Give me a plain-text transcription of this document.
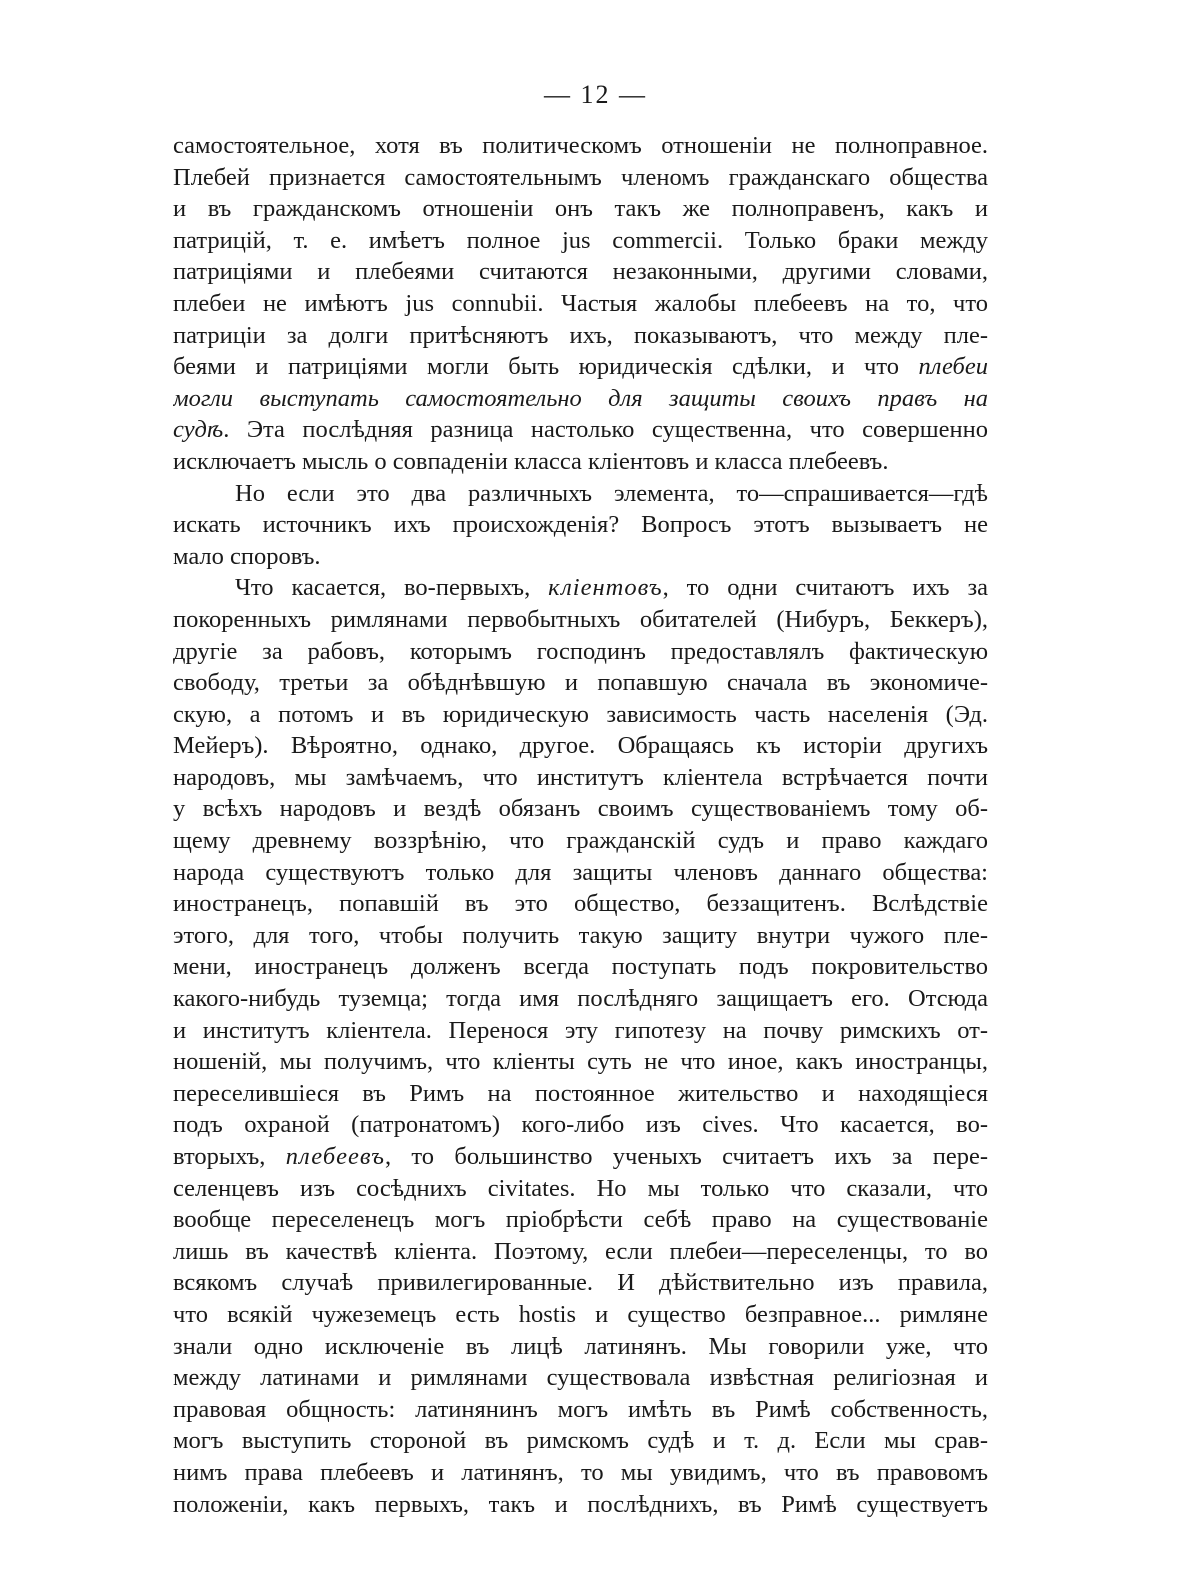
— 12 —
самостоятельное, хотя въ политическомъ отношенiи не полноправное.
Плебей признается самостоятельнымъ членомъ гражданскаго общества
и въ гражданскомъ отношенiи онъ такъ же полноправенъ, какъ и
патрицiй, т. е. имѣетъ полное jus commercii. Только браки между
патрицiями и плебеями считаются незаконными, другими словами,
плебеи не имѣютъ jus connubii. Частыя жалобы плебеевъ на то, что
патрицiи за долги притѣсняютъ ихъ, показываютъ, что между пле-
беями и патрицiями могли быть юридическiя сдѣлки, и что плебеи
могли выступать самостоятельно для защиты своихъ правъ на
судѣ. Эта послѣдняя разница настолько существенна, что совершенно
исключаетъ мысль о совпаденiи класса клiентовъ и класса плебеевъ.
Но если это два различныхъ элемента, то—спрашивается—гдѣ
искать источникъ ихъ происхожденiя? Вопросъ этотъ вызываетъ не
мало споровъ.
Что касается, во-первыхъ, клiентовъ, то одни считаютъ ихъ за
покоренныхъ римлянами первобытныхъ обитателей (Нибуръ, Беккеръ),
другiе за рабовъ, которымъ господинъ предоставлялъ фактическую
свободу, третьи за обѣднѣвшую и попавшую сначала въ экономиче-
скую, а потомъ и въ юридическую зависимость часть населенiя (Эд.
Мейеръ). Вѣроятно, однако, другое. Обращаясь къ исторiи другихъ
народовъ, мы замѣчаемъ, что институтъ клiентела встрѣчается почти
у всѣхъ народовъ и вездѣ обязанъ своимъ существованiемъ тому об-
щему древнему воззрѣнiю, что гражданскiй судъ и право каждаго
народа существуютъ только для защиты членовъ даннаго общества:
иностранецъ, попавшiй въ это общество, беззащитенъ. Вслѣдствiе
этого, для того, чтобы получить такую защиту внутри чужого пле-
мени, иностранецъ долженъ всегда поступать подъ покровительство
какого-нибудь туземца; тогда имя послѣдняго защищаетъ его. Отсюда
и институтъ клiентела. Перенося эту гипотезу на почву римскихъ от-
ношенiй, мы получимъ, что клiенты суть не что иное, какъ иностранцы,
переселившiеся въ Римъ на постоянное жительство и находящiеся
подъ охраной (патронатомъ) кого-либо изъ cives. Что касается, во-
вторыхъ, плебеевъ, то большинство ученыхъ считаетъ ихъ за пере-
селенцевъ изъ сосѣднихъ civitates. Но мы только что сказали, что
вообще переселенецъ могъ прiобрѣсти себѣ право на существованiе
лишь въ качествѣ клiента. Поэтому, если плебеи—переселенцы, то во
всякомъ случаѣ привилегированные. И дѣйствительно изъ правила,
что всякiй чужеземецъ есть hostis и существо безправное... римляне
знали одно исключенiе въ лицѣ латинянъ. Мы говорили уже, что
между латинами и римлянами существовала извѣстная религiозная и
правовая общность: латинянинъ могъ имѣть въ Римѣ собственность,
могъ выступить стороной въ римскомъ судѣ и т. д. Если мы срав-
нимъ права плебеевъ и латинянъ, то мы увидимъ, что въ правовомъ
положенiи, какъ первыхъ, такъ и послѣднихъ, въ Римѣ существуетъ
